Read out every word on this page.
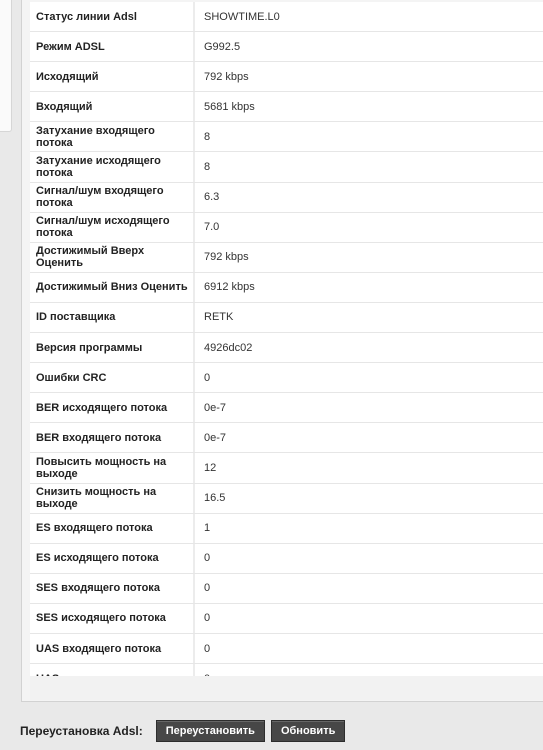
Статус линии Adsl	SHOWTIME.L0
Режим ADSL	G992.5
Исходящий	792 kbps
Входящий	5681 kbps
Затухание входящего потока	8
Затухание исходящего потока	8
Сигнал/шум входящего потока	6.3
Сигнал/шум исходящего потока	7.0
Достижимый Вверх Оценить	792 kbps
Достижимый Вниз Оценить	6912 kbps
ID поставщика	RETK
Версия программы	4926dc02
Ошибки CRC	0
BER исходящего потока	0e-7
BER входящего потока	0e-7
Повысить мощность на выходе	12
Снизить мощность на выходе	16.5
ES входящего потока	1
ES исходящего потока	0
SES входящего потока	0
SES исходящего потока	0
UAS входящего потока	0
Переустановка Adsl:	Переустановить	Обновить
